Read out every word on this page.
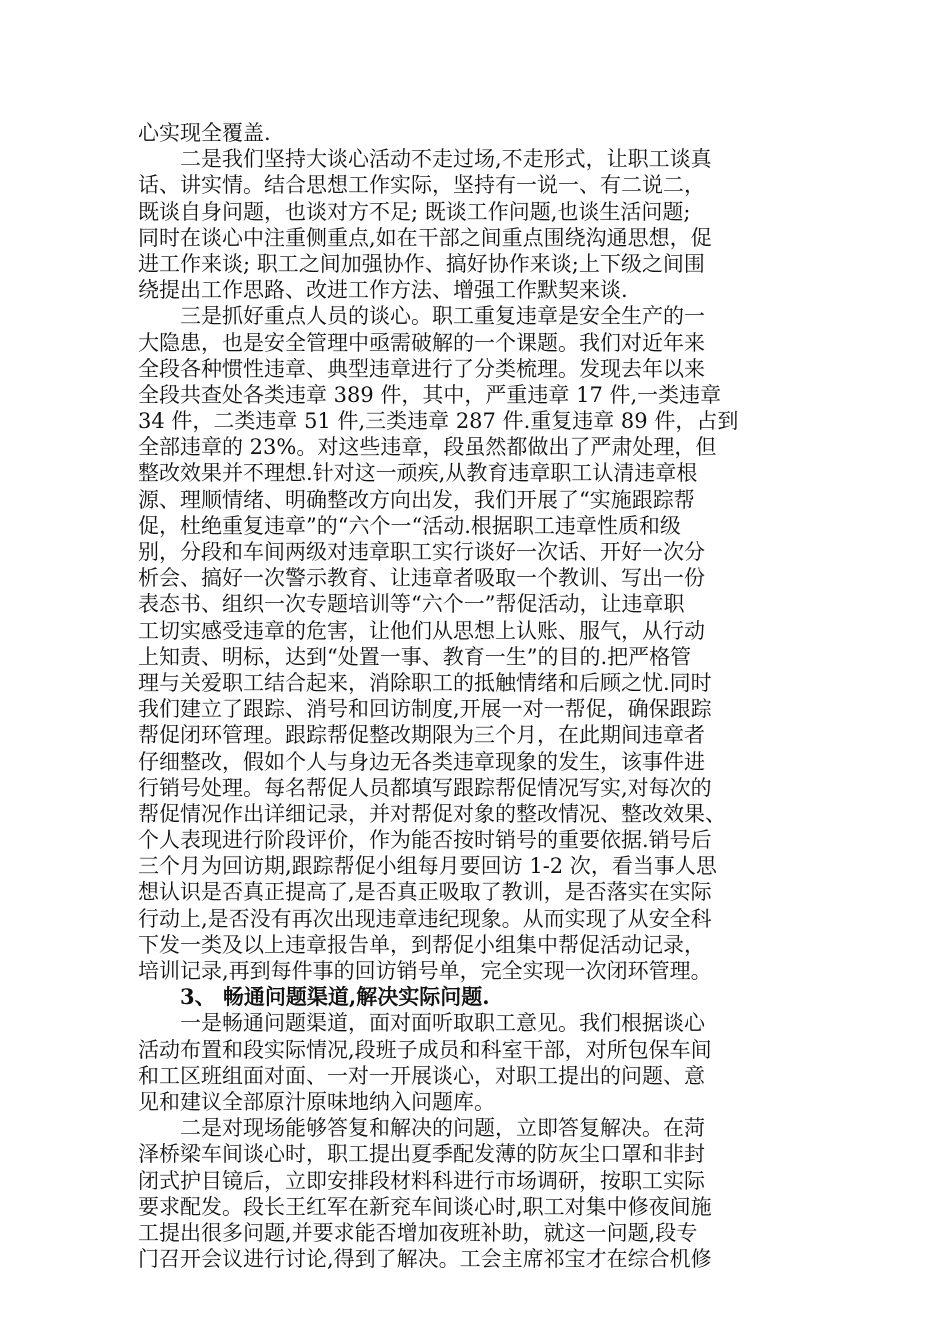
心实现全覆盖.
二是我们坚持大谈心活动不走过场,不走形式，让职工谈真
话、讲实情。结合思想工作实际，坚持有一说一、有二说二，
既谈自身问题，也谈对方不足; 既谈工作问题,也谈生活问题;
同时在谈心中注重侧重点,如在干部之间重点围绕沟通思想，促
进工作来谈; 职工之间加强协作、搞好协作来谈;上下级之间围
绕提出工作思路、改进工作方法、增强工作默契来谈.
三是抓好重点人员的谈心。职工重复违章是安全生产的一
大隐患，也是安全管理中亟需破解的一个课题。我们对近年来
全段各种惯性违章、典型违章进行了分类梳理。发现去年以来
全段共查处各类违章 389 件，其中，严重违章 17 件,一类违章
34 件，二类违章 51 件,三类违章 287 件.重复违章 89 件，占到
全部违章的 23%。对这些违章，段虽然都做出了严肃处理，但
整改效果并不理想.针对这一顽疾,从教育违章职工认清违章根
源、理顺情绪、明确整改方向出发，我们开展了“实施跟踪帮
促，杜绝重复违章”的“六个一“活动.根据职工违章性质和级
别，分段和车间两级对违章职工实行谈好一次话、开好一次分
析会、搞好一次警示教育、让违章者吸取一个教训、写出一份
表态书、组织一次专题培训等“六个一”帮促活动，让违章职
工切实感受违章的危害，让他们从思想上认账、服气，从行动
上知责、明标，达到“处置一事、教育一生”的目的.把严格管
理与关爱职工结合起来，消除职工的抵触情绪和后顾之忧.同时
我们建立了跟踪、消号和回访制度,开展一对一帮促，确保跟踪
帮促闭环管理。跟踪帮促整改期限为三个月，在此期间违章者
仔细整改，假如个人与身边无各类违章现象的发生，该事件进
行销号处理。每名帮促人员都填写跟踪帮促情况写实,对每次的
帮促情况作出详细记录，并对帮促对象的整改情况、整改效果、
个人表现进行阶段评价，作为能否按时销号的重要依据.销号后
三个月为回访期,跟踪帮促小组每月要回访 1-2 次，看当事人思
想认识是否真正提高了,是否真正吸取了教训，是否落实在实际
行动上,是否没有再次出现违章违纪现象。从而实现了从安全科
下发一类及以上违章报告单，到帮促小组集中帮促活动记录，
培训记录,再到每件事的回访销号单，完全实现一次闭环管理。
3、 畅通问题渠道,解决实际问题.
一是畅通问题渠道，面对面听取职工意见。我们根据谈心
活动布置和段实际情况,段班子成员和科室干部，对所包保车间
和工区班组面对面、一对一开展谈心，对职工提出的问题、意
见和建议全部原汁原味地纳入问题库。
二是对现场能够答复和解决的问题，立即答复解决。在菏
泽桥梁车间谈心时，职工提出夏季配发薄的防灰尘口罩和非封
闭式护目镜后，立即安排段材料科进行市场调研，按职工实际
要求配发。段长王红军在新兖车间谈心时,职工对集中修夜间施
工提出很多问题,并要求能否增加夜班补助，就这一问题,段专
门召开会议进行讨论,得到了解决。工会主席祁宝才在综合机修
